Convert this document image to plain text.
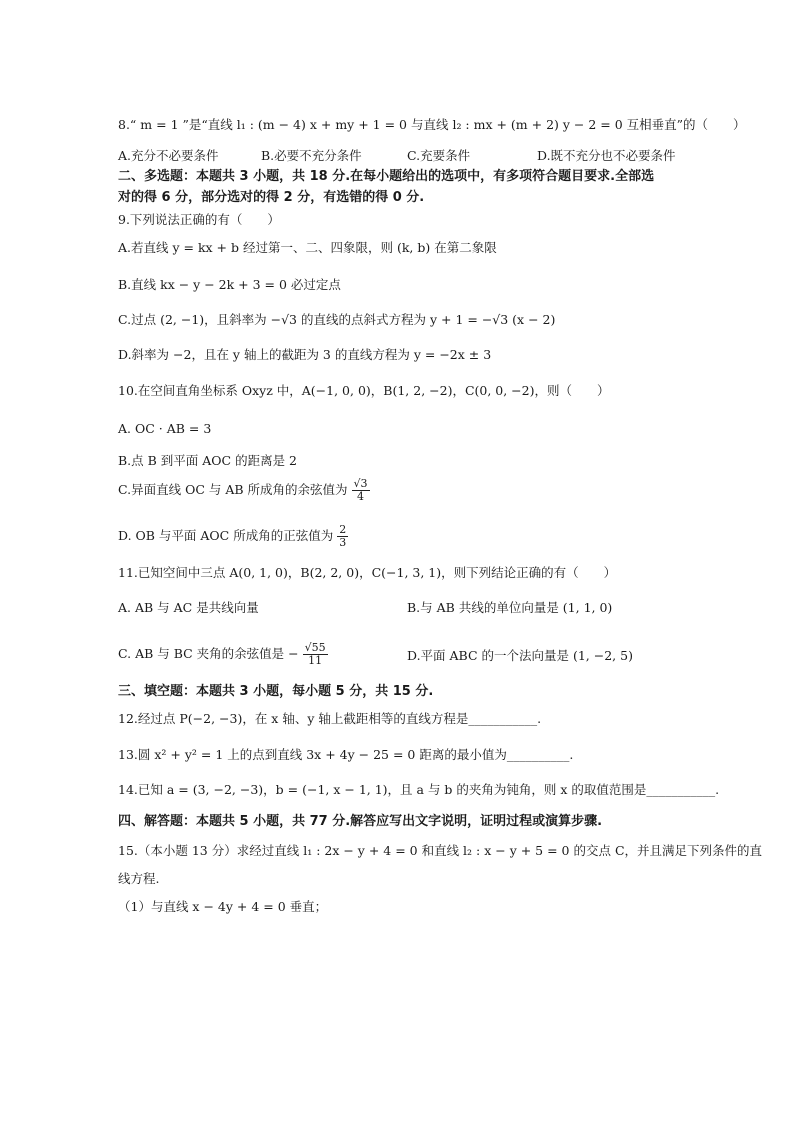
8.“ m = 1 ”是“直线 l₁ : (m − 4) x + my + 1 = 0 与直线 l₂ : mx + (m + 2) y − 2 = 0 互相垂直”的（　　）
A.充分不必要条件	B.必要不充分条件	C.充要条件	D.既不充分也不必要条件
二、多选题：本题共 3 小题，共 18 分.在每小题给出的选项中，有多项符合题目要求.全部选
对的得 6 分，部分选对的得 2 分，有选错的得 0 分.
9.下列说法正确的有（　　）
A.若直线 y = kx + b 经过第一、二、四象限，则 (k, b) 在第二象限
B.直线 kx − y − 2k + 3 = 0 必过定点
C.过点 (2, −1)，且斜率为 −√3 的直线的点斜式方程为 y + 1 = −√3 (x − 2)
D.斜率为 −2，且在 y 轴上的截距为 3 的直线方程为 y = −2x ± 3
10.在空间直角坐标系 Oxyz 中，A(−1, 0, 0)，B(1, 2, −2)，C(0, 0, −2)，则（　　）
A. OC · AB = 3
B.点 B 到平面 AOC 的距离是 2
C.异面直线 OC 与 AB 所成角的余弦值为 $\frac{√3}{4}$
D. OB 与平面 AOC 所成角的正弦值为 $\frac{2}{3}$
11.已知空间中三点 A(0, 1, 0)，B(2, 2, 0)，C(−1, 3, 1)，则下列结论正确的有（　　）
A. AB 与 AC 是共线向量	B.与 AB 共线的单位向量是 (1, 1, 0)
C. AB 与 BC 夹角的余弦值是 − $\frac{√55}{11}$	D.平面 ABC 的一个法向量是 (1, −2, 5)
三、填空题：本题共 3 小题，每小题 5 分，共 15 分.
12.经过点 P(−2, −3)，在 x 轴、y 轴上截距相等的直线方程是___________.
13.圆 x² + y² = 1 上的点到直线 3x + 4y − 25 = 0 距离的最小值为__________.
14.已知 a = (3, −2, −3)，b = (−1, x − 1, 1)，且 a 与 b 的夹角为钝角，则 x 的取值范围是___________.
四、解答题：本题共 5 小题，共 77 分.解答应写出文字说明，证明过程或演算步骤.
15.（本小题 13 分）求经过直线 l₁ : 2x − y + 4 = 0 和直线 l₂ : x − y + 5 = 0 的交点 C，并且满足下列条件的直
线方程.
（1）与直线 x − 4y + 4 = 0 垂直；
